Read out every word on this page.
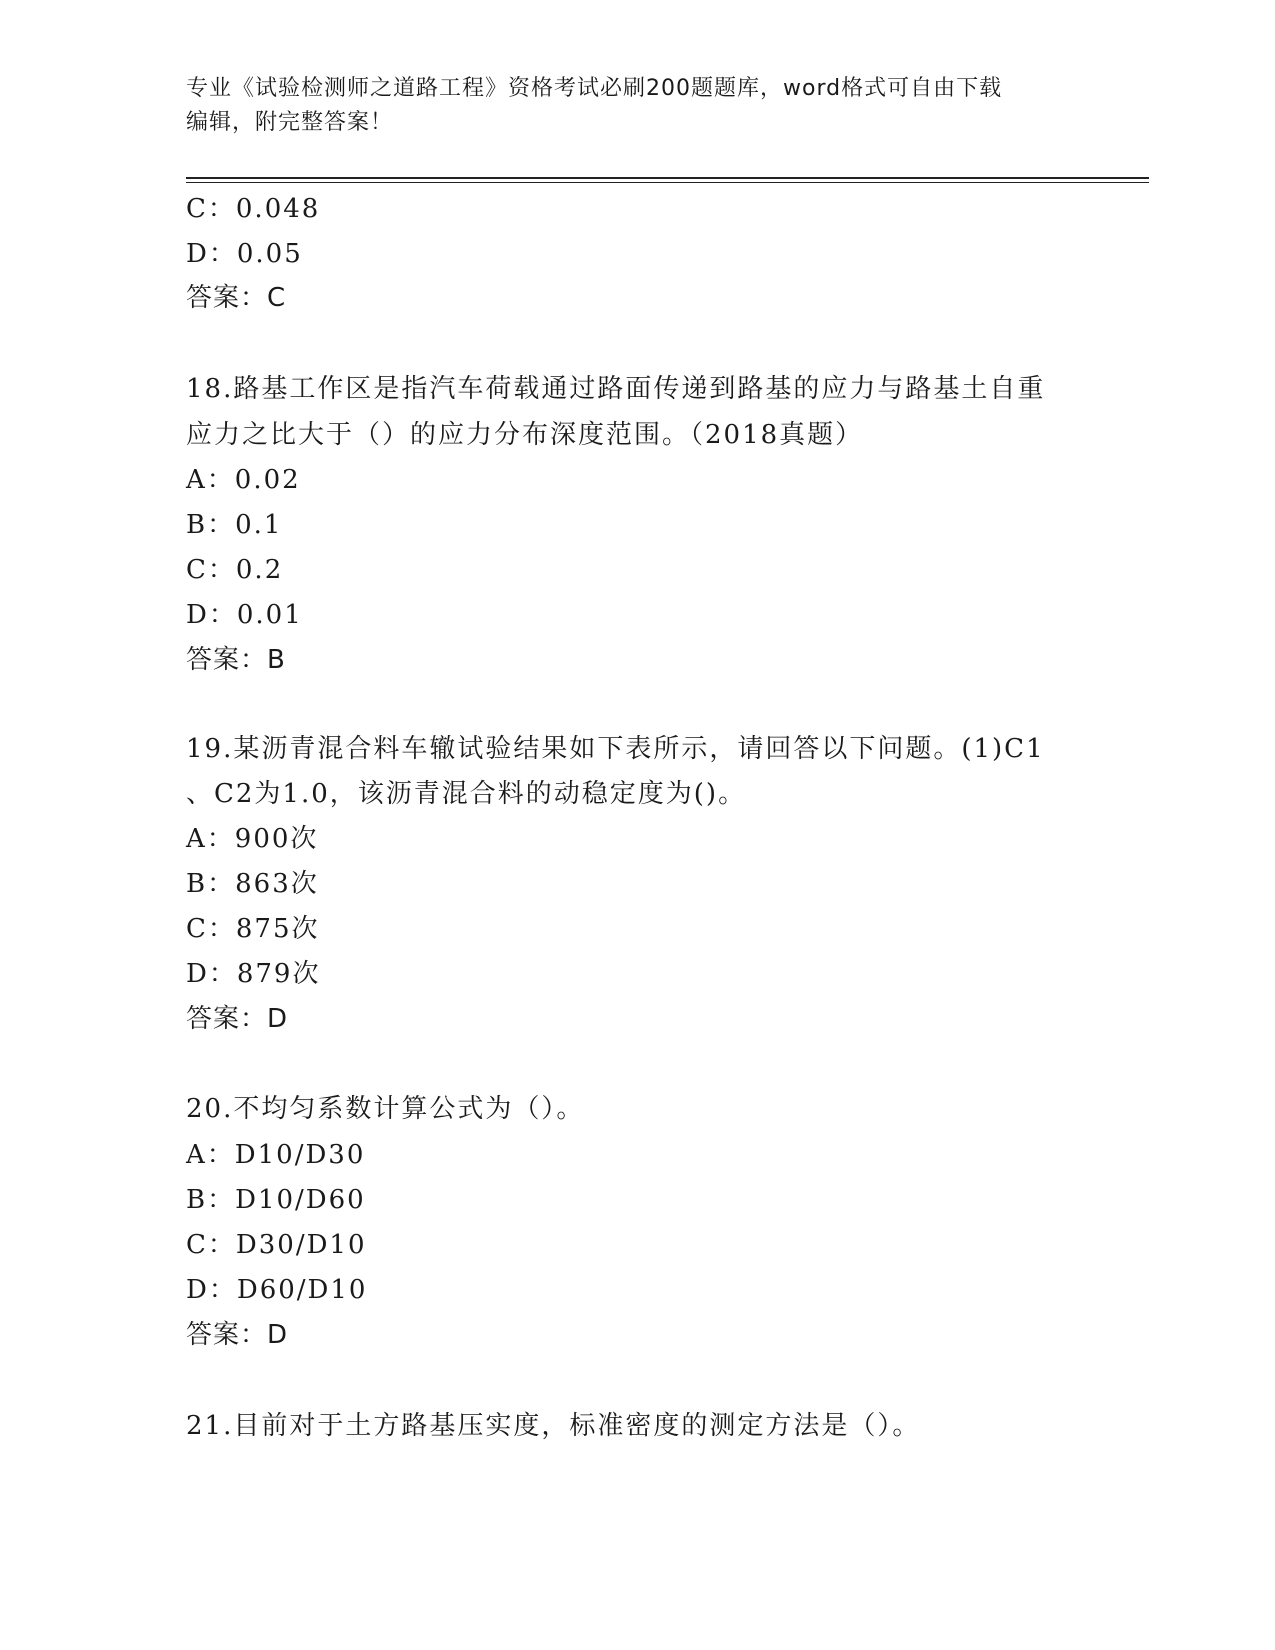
专业《试验检测师之道路工程》资格考试必刷200题题库，word格式可自由下载
编辑，附完整答案！
C：0.048
D：0.05
答案：C
18.路基工作区是指汽车荷载通过路面传递到路基的应力与路基土自重
应力之比大于（）的应力分布深度范围。（2018真题）
A：0.02
B：0.1
C：0.2
D：0.01
答案：B
19.某沥青混合料车辙试验结果如下表所示，请回答以下问题。(1)C1
、C2为1.0，该沥青混合料的动稳定度为()。
A：900次
B：863次
C：875次
D：879次
答案：D
20.不均匀系数计算公式为（）。
A：D10/D30
B：D10/D60
C：D30/D10
D：D60/D10
答案：D
21.目前对于土方路基压实度，标准密度的测定方法是（）。
